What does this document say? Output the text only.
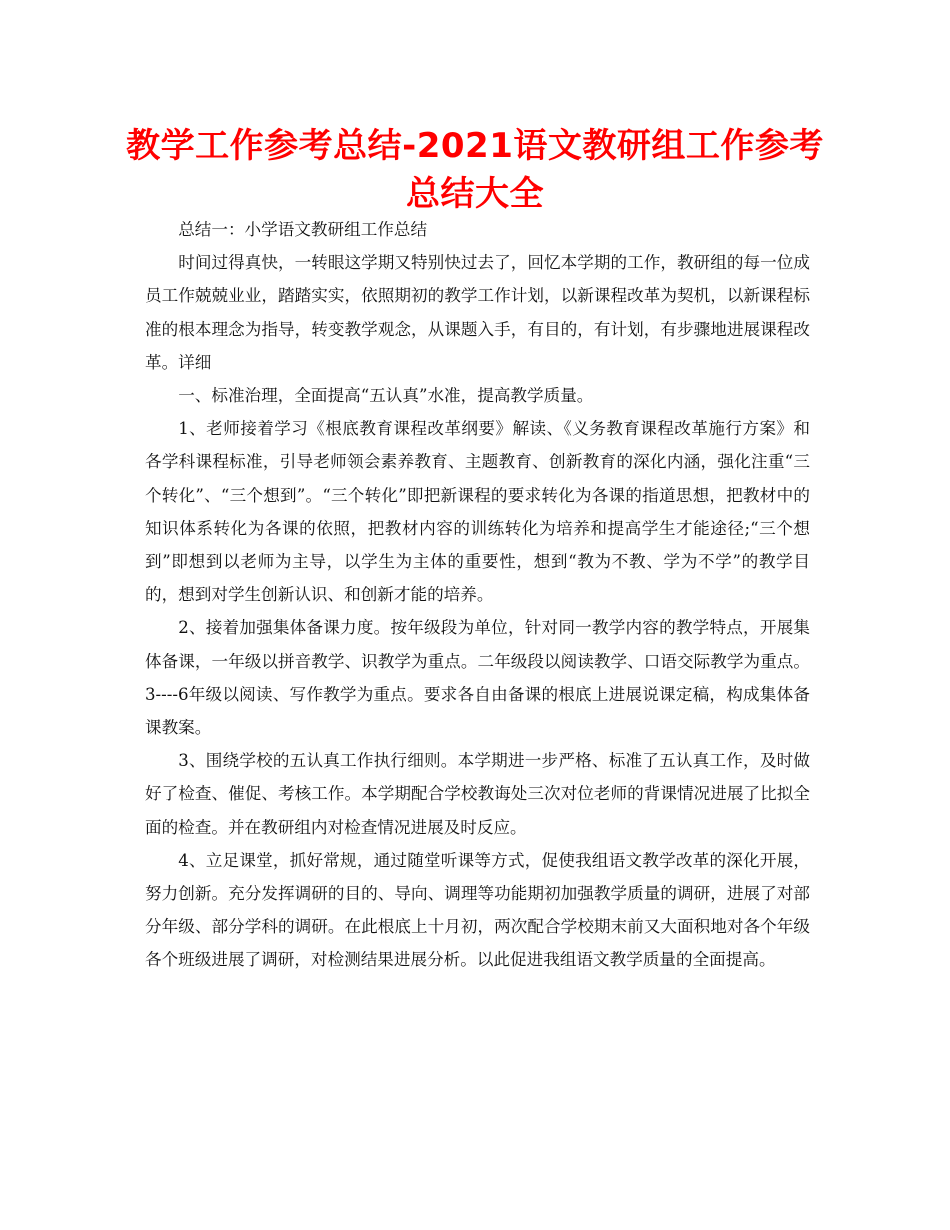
教学工作参考总结-2021语文教研组工作参考总结大全

总结一：小学语文教研组工作总结

时间过得真快，一转眼这学期又特别快过去了，回忆本学期的工作，教研组的每一位成员工作兢兢业业，踏踏实实，依照期初的教学工作计划，以新课程改革为契机，以新课程标准的根本理念为指导，转变教学观念，从课题入手，有目的，有计划，有步骤地进展课程改革。详细

一、标准治理，全面提高“五认真”水准，提高教学质量。

1、老师接着学习《根底教育课程改革纲要》解读、《义务教育课程改革施行方案》和各学科课程标准，引导老师领会素养教育、主题教育、创新教育的深化内涵，强化注重“三个转化”、“三个想到”。“三个转化”即把新课程的要求转化为各课的指道思想，把教材中的知识体系转化为各课的依照，把教材内容的训练转化为培养和提高学生才能途径;“三个想到”即想到以老师为主导，以学生为主体的重要性，想到“教为不教、学为不学”的教学目的，想到对学生创新认识、和创新才能的培养。

2、接着加强集体备课力度。按年级段为单位，针对同一教学内容的教学特点，开展集体备课，一年级以拼音教学、识教学为重点。二年级段以阅读教学、口语交际教学为重点。3----6年级以阅读、写作教学为重点。要求各自由备课的根底上进展说课定稿，构成集体备课教案。

3、围绕学校的五认真工作执行细则。本学期进一步严格、标准了五认真工作，及时做好了检查、催促、考核工作。本学期配合学校教诲处三次对位老师的背课情况进展了比拟全面的检查。并在教研组内对检查情况进展及时反应。

4、立足课堂，抓好常规，通过随堂听课等方式，促使我组语文教学改革的深化开展，努力创新。充分发挥调研的目的、导向、调理等功能期初加强教学质量的调研，进展了对部分年级、部分学科的调研。在此根底上十月初，两次配合学校期末前又大面积地对各个年级各个班级进展了调研，对检测结果进展分析。以此促进我组语文教学质量的全面提高。
